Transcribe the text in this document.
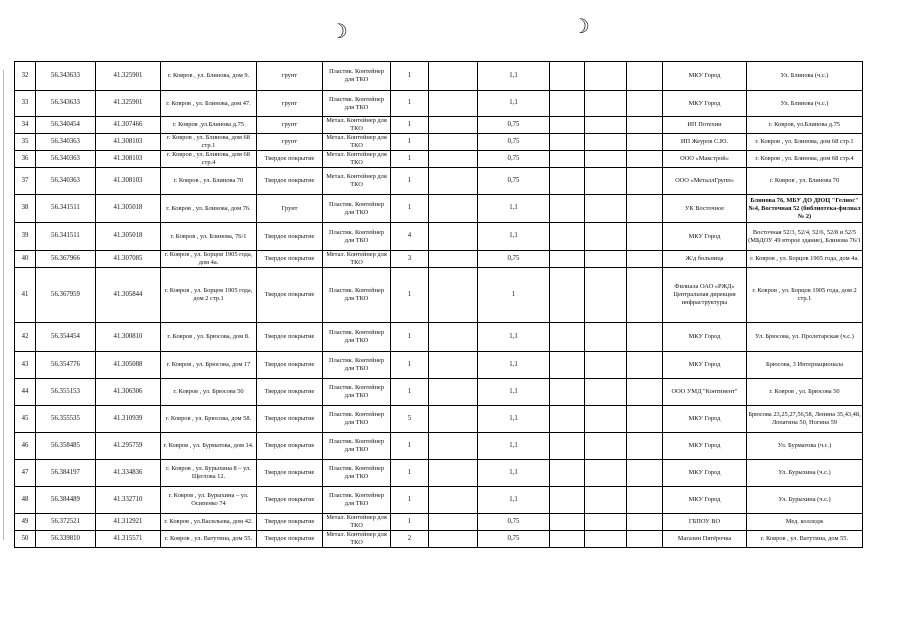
☽	☽
32	56.343633	41.325901	г. Ковров , ул. Блинова, дом 9.	грунт	Пластик. Контейнер для ТКО	1		1,1				МКУ Город	Ул. Блинова (ч.с.)
33	56.343633	41.325901	г. Ковров , ул. Блинова, дом 47.	грунт	Пластик. Контейнер для ТКО	1		1,1				МКУ Город	Ул. Блинова (ч.с.)
34	56.340454	41.307466	г. Ковров ,ул.Блинова д.75	грунт	Метал. Контейнер для ТКО	1		0,75				ИП Потехин	г. Ковров, ул.Блинова д.75
35	56.340363	41.308103	г. Ковров , ул. Блинова, дом 68 стр.1	грунт	Метал. Контейнер для ТКО	1		0,75				ИП Жеуров С.Ю.	г. Ковров , ул. Блинова, дом 68 стр.1
36	56.340363	41.308103	г. Ковров , ул. Блинова, дом 68 стр.4	Твердое покрытие	Метал. Контейнер для ТКО	1		0,75				ООО «Макстрой»	г. Ковров , ул. Блинова, дом 68 стр.4
37	56.340363	41.308103	г. Ковров , ул. Блинова 70	Твердое покрытие	Метал. Контейнер для ТКО	1		0,75				ООО «МеталлГрупп»	г. Ковров , ул. Блинова 70
38	56.341511	41.305018	г. Ковров , ул. Блинова, дом 76.	Грунт	Пластик. Контейнер для ТКО	1		1,1				УК Восточное	Блинова 76, МБУ ДО ДЮЦ "Гелиос" №4, Восточная 52 (библиотека-филиал № 2)
39	56.341511	41.305018	г. Ковров , ул. Блинова, 76/1	Твердое покрытие	Пластик. Контейнер для ТКО	4		1,1				МКУ Город	Восточная 52/3, 52/4, 52/6, 52/8 и 52/5 (МБДОУ 49 второе здание), Блинова 76/1
40	56.367966	41.307085	г. Ковров , ул. Борцов 1905 года, дом 4а.	Твердое покрытие	Метал. Контейнер для ТКО	3		0,75				Ж/д больница	г. Ковров , ул. Борцов 1905 года, дом 4а.
41	56.367959	41.305844	г. Ковров , ул. Борцов 1905 года, дом 2 стр.1	Твердое покрытие	Пластик. Контейнер для ТКО	1		1				Филиала ОАО «РЖД» Центральная дирекция инфраструктуры	г. Ковров , ул. Борцов 1905 года, дом 2 стр.1
42	56.354454	41.300810	г. Ковров , ул. Брюсова, дом 8.	Твердое покрытие	Пластик. Контейнер для ТКО	1		1,1				МКУ Город	Ул. Брюсова, ул. Пролетарская (ч.с.)
43	56.354776	41.305088	г. Ковров , ул. Брюсова, дом 17	Твердое покрытие	Пластик. Контейнер для ТКО	1		1,1				МКУ Город	Брюсова, 3 Интернационала
44	56.355153	41.306306	г. Ковров , ул. Брюсова 50	Твердое покрытие	Пластик. Контейнер для ТКО	1		1,1				ООО УМД "Континент"	г. Ковров , ул. Брюсова 50
45	56.355535	41.310939	г. Ковров , ул. Брюсова, дом 58.	Твердое покрытие	Пластик. Контейнер для ТКО	5		1,1				МКУ Город	Брюсова 23,25,27,56,58, Ленина 35,43,48, Лопатина 50, Ногина 59
46	56.358485	41.295759	г. Ковров , ул. Бурматова, дом 14.	Твердое покрытие	Пластик. Контейнер для ТКО	1		1,1				МКУ Город	Ул. Бурматова (ч.с.)
47	56.384197	41.334836	г. Ковров , ул. Бурыхина 8 – ул. Щеглова 12.	Твердое покрытие	Пластик. Контейнер для ТКО	1		1,1				МКУ Город	Ул. Бурыхина (ч.с.)
48	56.384489	41.332710	г. Ковров , ул. Бурыхина – ул. Осипенко 74	Твердое покрытие	Пластик. Контейнер для ТКО	1		1,1				МКУ Город	Ул. Бурыхина (ч.с.)
49	56.372521	41.312921	г. Ковров , ул.Васильева, дом 42.	Твердое покрытие	Метал. Контейнер для ТКО	1		0,75				ГБПОУ ВО	Мед. колледж
50	56.339810	41.315571	г. Ковров , ул. Ватутина, дом 55.	Твердое покрытие	Метал. Контейнер для ТКО	2		0,75				Магазин Пятёрочка	г. Ковров , ул. Ватутина, дом 55.
